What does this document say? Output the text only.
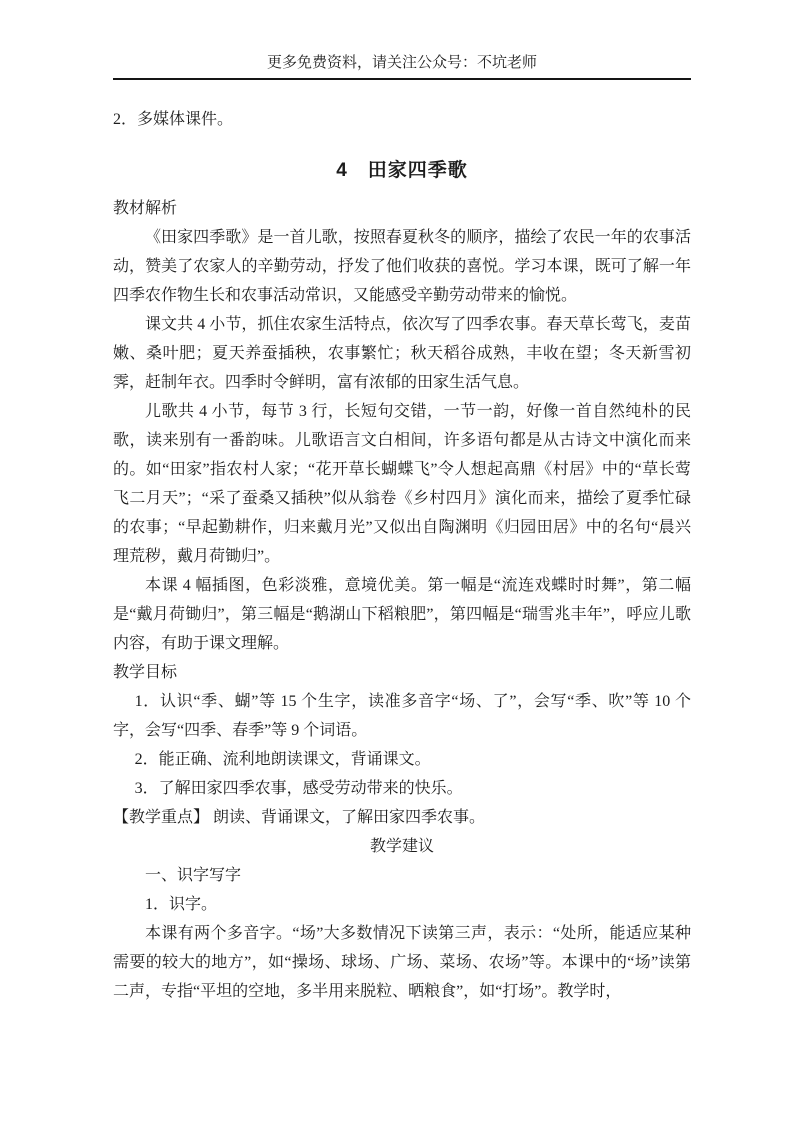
更多免费资料，请关注公众号：不坑老师

2．多媒体课件。

4　田家四季歌

教材解析

《田家四季歌》是一首儿歌，按照春夏秋冬的顺序，描绘了农民一年的农事活动，赞美了农家人的辛勤劳动，抒发了他们收获的喜悦。学习本课，既可了解一年四季农作物生长和农事活动常识，又能感受辛勤劳动带来的愉悦。

课文共 4 小节，抓住农家生活特点，依次写了四季农事。春天草长莺飞，麦苗嫩、桑叶肥；夏天养蚕插秧，农事繁忙；秋天稻谷成熟，丰收在望；冬天新雪初霁，赶制年衣。四季时令鲜明，富有浓郁的田家生活气息。

儿歌共 4 小节，每节 3 行，长短句交错，一节一韵，好像一首自然纯朴的民歌，读来别有一番韵味。儿歌语言文白相间，许多语句都是从古诗文中演化而来的。如“田家”指农村人家；“花开草长蝴蝶飞”令人想起高鼎《村居》中的“草长莺飞二月天”；“采了蚕桑又插秧”似从翁卷《乡村四月》演化而来，描绘了夏季忙碌的农事；“早起勤耕作，归来戴月光”又似出自陶渊明《归园田居》中的名句“晨兴理荒秽，戴月荷锄归”。

本课 4 幅插图，色彩淡雅，意境优美。第一幅是“流连戏蝶时时舞”，第二幅是“戴月荷锄归”，第三幅是“鹅湖山下稻粮肥”，第四幅是“瑞雪兆丰年”，呼应儿歌内容，有助于课文理解。

教学目标

1．认识“季、蝴”等 15 个生字，读准多音字“场、了”，会写“季、吹”等 10 个字，会写“四季、春季”等 9 个词语。

2．能正确、流利地朗读课文，背诵课文。

3．了解田家四季农事，感受劳动带来的快乐。

【教学重点】 朗读、背诵课文，了解田家四季农事。

教学建议

一、识字写字

1．识字。

本课有两个多音字。“场”大多数情况下读第三声，表示：“处所，能适应某种需要的较大的地方”，如“操场、球场、广场、菜场、农场”等。本课中的“场”读第二声，专指“平坦的空地，多半用来脱粒、晒粮食”，如“打场”。教学时，
